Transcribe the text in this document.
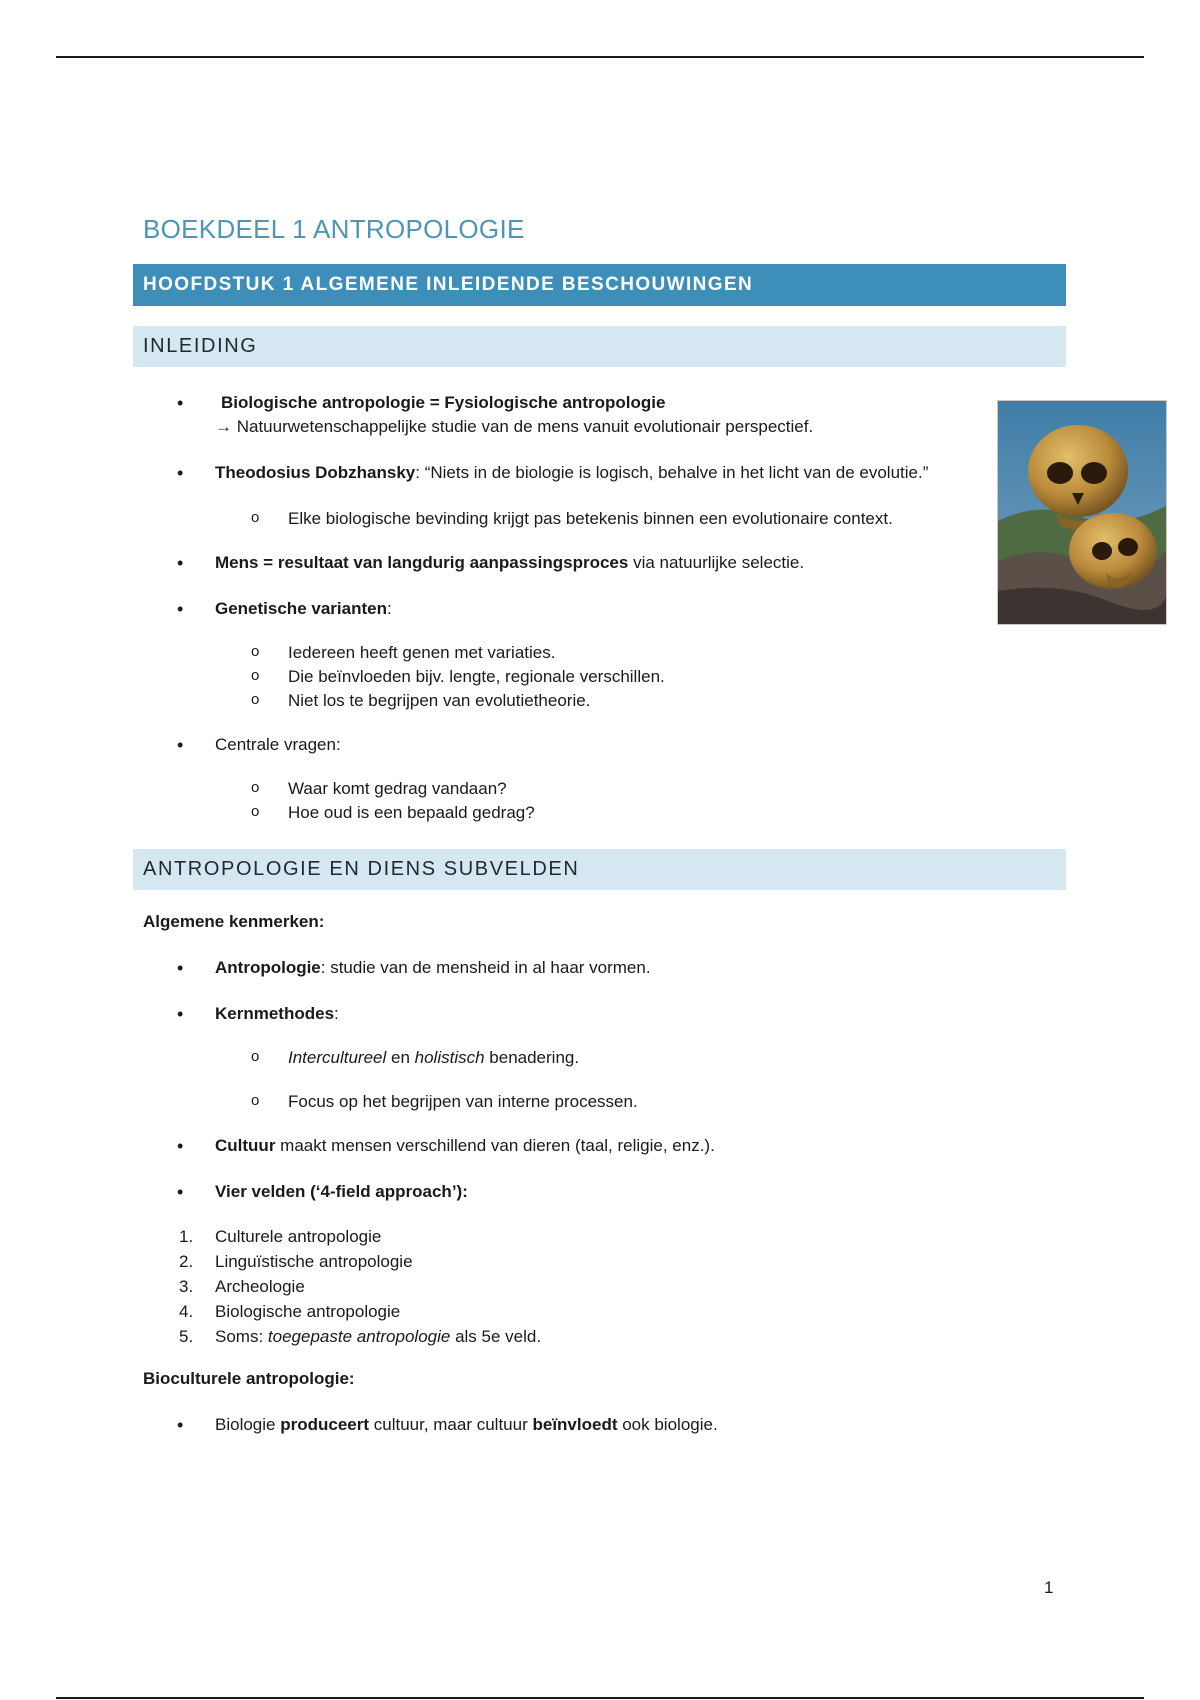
BOEKDEEL 1 ANTROPOLOGIE
HOOFDSTUK 1 ALGEMENE INLEIDENDE BESCHOUWINGEN
INLEIDING
• Biologische antropologie = Fysiologische antropologie
→ Natuurwetenschappelijke studie van de mens vanuit evolutionair perspectief.
• Theodosius Dobzhansky: “Niets in de biologie is logisch, behalve in het licht van de evolutie.”
o Elke biologische bevinding krijgt pas betekenis binnen een evolutionaire context.
• Mens = resultaat van langdurig aanpassingsproces via natuurlijke selectie.
• Genetische varianten:
o Iedereen heeft genen met variaties.
o Die beïnvloeden bijv. lengte, regionale verschillen.
o Niet los te begrijpen van evolutietheorie.
• Centrale vragen:
o Waar komt gedrag vandaan?
o Hoe oud is een bepaald gedrag?
ANTROPOLOGIE EN DIENS SUBVELDEN
Algemene kenmerken:
• Antropologie: studie van de mensheid in al haar vormen.
• Kernmethodes:
o Intercultureel en holistisch benadering.
o Focus op het begrijpen van interne processen.
• Cultuur maakt mensen verschillend van dieren (taal, religie, enz.).
• Vier velden (‘4-field approach’):
1. Culturele antropologie
2. Linguïstische antropologie
3. Archeologie
4. Biologische antropologie
5. Soms: toegepaste antropologie als 5e veld.
Bioculturele antropologie:
• Biologie produceert cultuur, maar cultuur beïnvloedt ook biologie.
1
